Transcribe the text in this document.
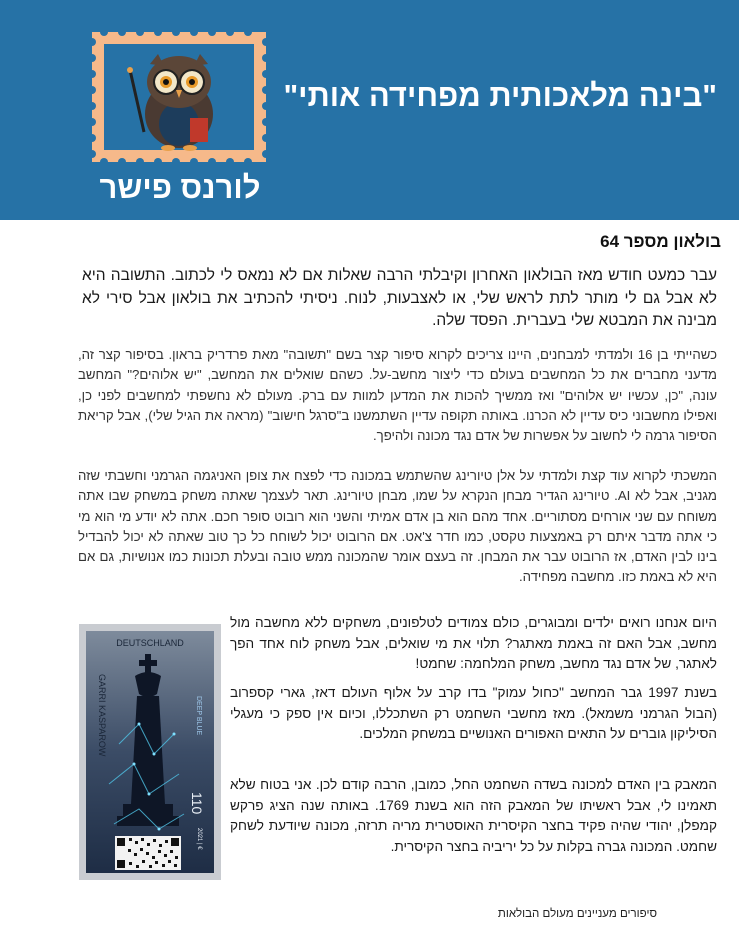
"בינה מלאכותית מפחידה אותי"
לורנס פישר
בולאון מספר 64

עבר כמעט חודש מאז הבולאון האחרון וקיבלתי הרבה שאלות אם לא נמאס לי לכתוב. התשובה היא לא אבל גם לי מותר לתת לראש שלי, או לאצבעות, לנוח. ניסיתי להכתיב את בולאון אבל סירי לא מבינה את המבטא שלי בעברית. הפסד שלה.

כשהייתי בן 16 ולמדתי למבחנים, היינו צריכים לקרוא סיפור קצר בשם "תשובה" מאת פרדריק בראון. בסיפור קצר זה, מדעני מחברים את כל המחשבים בעולם כדי ליצור מחשב-על. כשהם שואלים את המחשב, "יש אלוהים?" המחשב עונה, "כן, עכשיו יש אלוהים" ואז ממשיך להכות את המדען למוות עם ברק. מעולם לא נחשפתי למחשבים לפני כן, ואפילו מחשבוני כיס עדיין לא הכרנו. באותה תקופה עדיין השתמשנו ב"סרגל חישוב" (מראה את הגיל שלי), אבל קריאת הסיפור גרמה לי לחשוב על אפשרות של אדם נגד מכונה ולהיפך.

המשכתי לקרוא עוד קצת ולמדתי על אלן טיורינג שהשתמש במכונה כדי לפצח את צופן האניגמה הגרמני וחשבתי שזה מגניב, אבל לא AI. טיורינג הגדיר מבחן הנקרא על שמו, מבחן טיורינג. תאר לעצמך שאתה משחק במשחק שבו אתה משוחח עם שני אורחים מסתוריים. אחד מהם הוא בן אדם אמיתי והשני הוא רובוט סופר חכם. אתה לא יודע מי הוא מי כי אתה מדבר איתם רק באמצעות טקסט, כמו חדר צ'אט. אם הרובוט יכול לשוחח כל כך טוב שאתה לא יכול להבדיל בינו לבין האדם, אז הרובוט עבר את המבחן. זה בעצם אומר שהמכונה ממש טובה ובעלת תכונות כמו אנושיות, גם אם היא לא באמת כזו. מחשבה מפחידה.

היום אנחנו רואים ילדים ומבוגרים, כולם צמודים לטלפונים, משחקים ללא מחשבה מול מחשב, אבל האם זה באמת מאתגר? תלוי את מי שואלים, אבל משחק לוח אחד הפך לאתגר, של אדם נגד מחשב, משחק המלחמה: שחמט!

בשנת 1997 גבר המחשב "כחול עמוק" בדו קרב על אלוף העולם דאז, גארי קספרוב (הבול הגרמני משמאל). מאז מחשבי השחמט רק השתכללו, וכיום אין ספק כי מעגלי הסיליקון גוברים על התאים האפורים האנושיים במשחק המלכים.

המאבק בין האדם למכונה בשדה השחמט החל, כמובן, הרבה קודם לכן. אני בטוח שלא תאמינו לי, אבל ראשיתו של המאבק הזה הוא בשנת 1769. באותה שנה הציג פרקש קמפלן, יהודי שהיה פקיד בחצר הקיסרית האוסטרית מריה תרזה, מכונה שיודעת לשחק שחמט. המכונה גברה בקלות על כל יריביה בחצר הקיסרית.

DEUTSCHLAND
GARRI KASPAROW	DEEP BLUE
110
2021 | €
סיפורים מעניינים מעולם הבולאות
